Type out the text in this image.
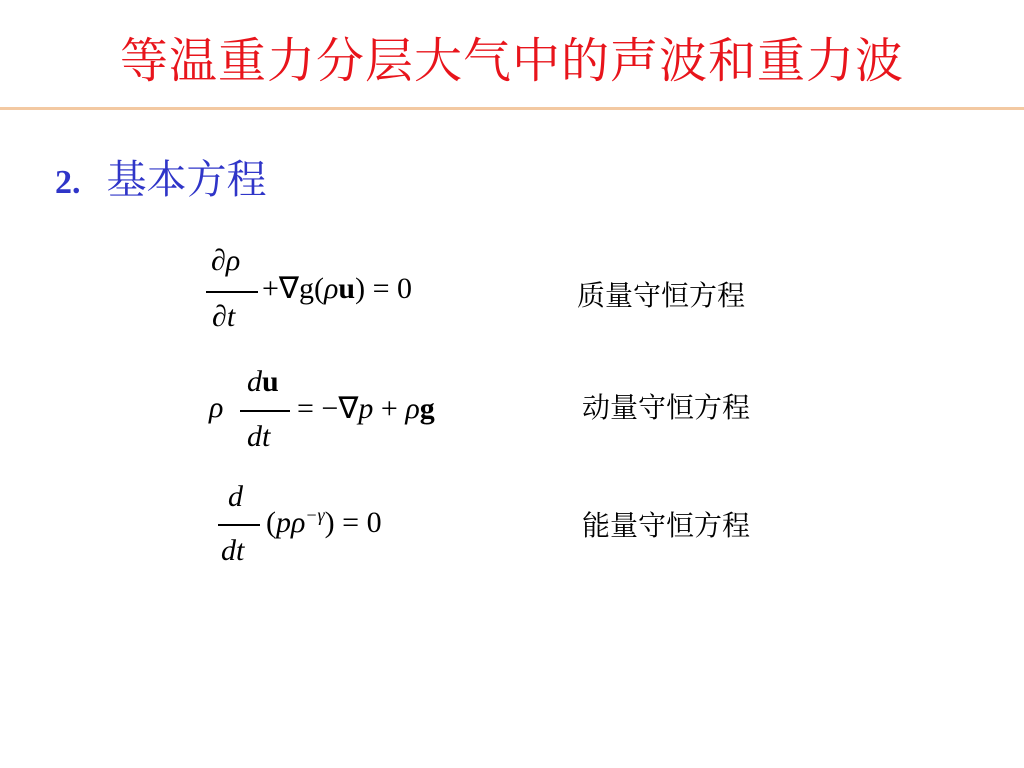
等温重力分层大气中的声波和重力波
2. 基本方程
∂ρ
∂t
+∇g(ρu) = 0	质量守恒方程
ρ
du
dt
= −∇p + ρg	动量守恒方程
d
dt
$(p\rho^{-\gamma}) = 0$	能量守恒方程
